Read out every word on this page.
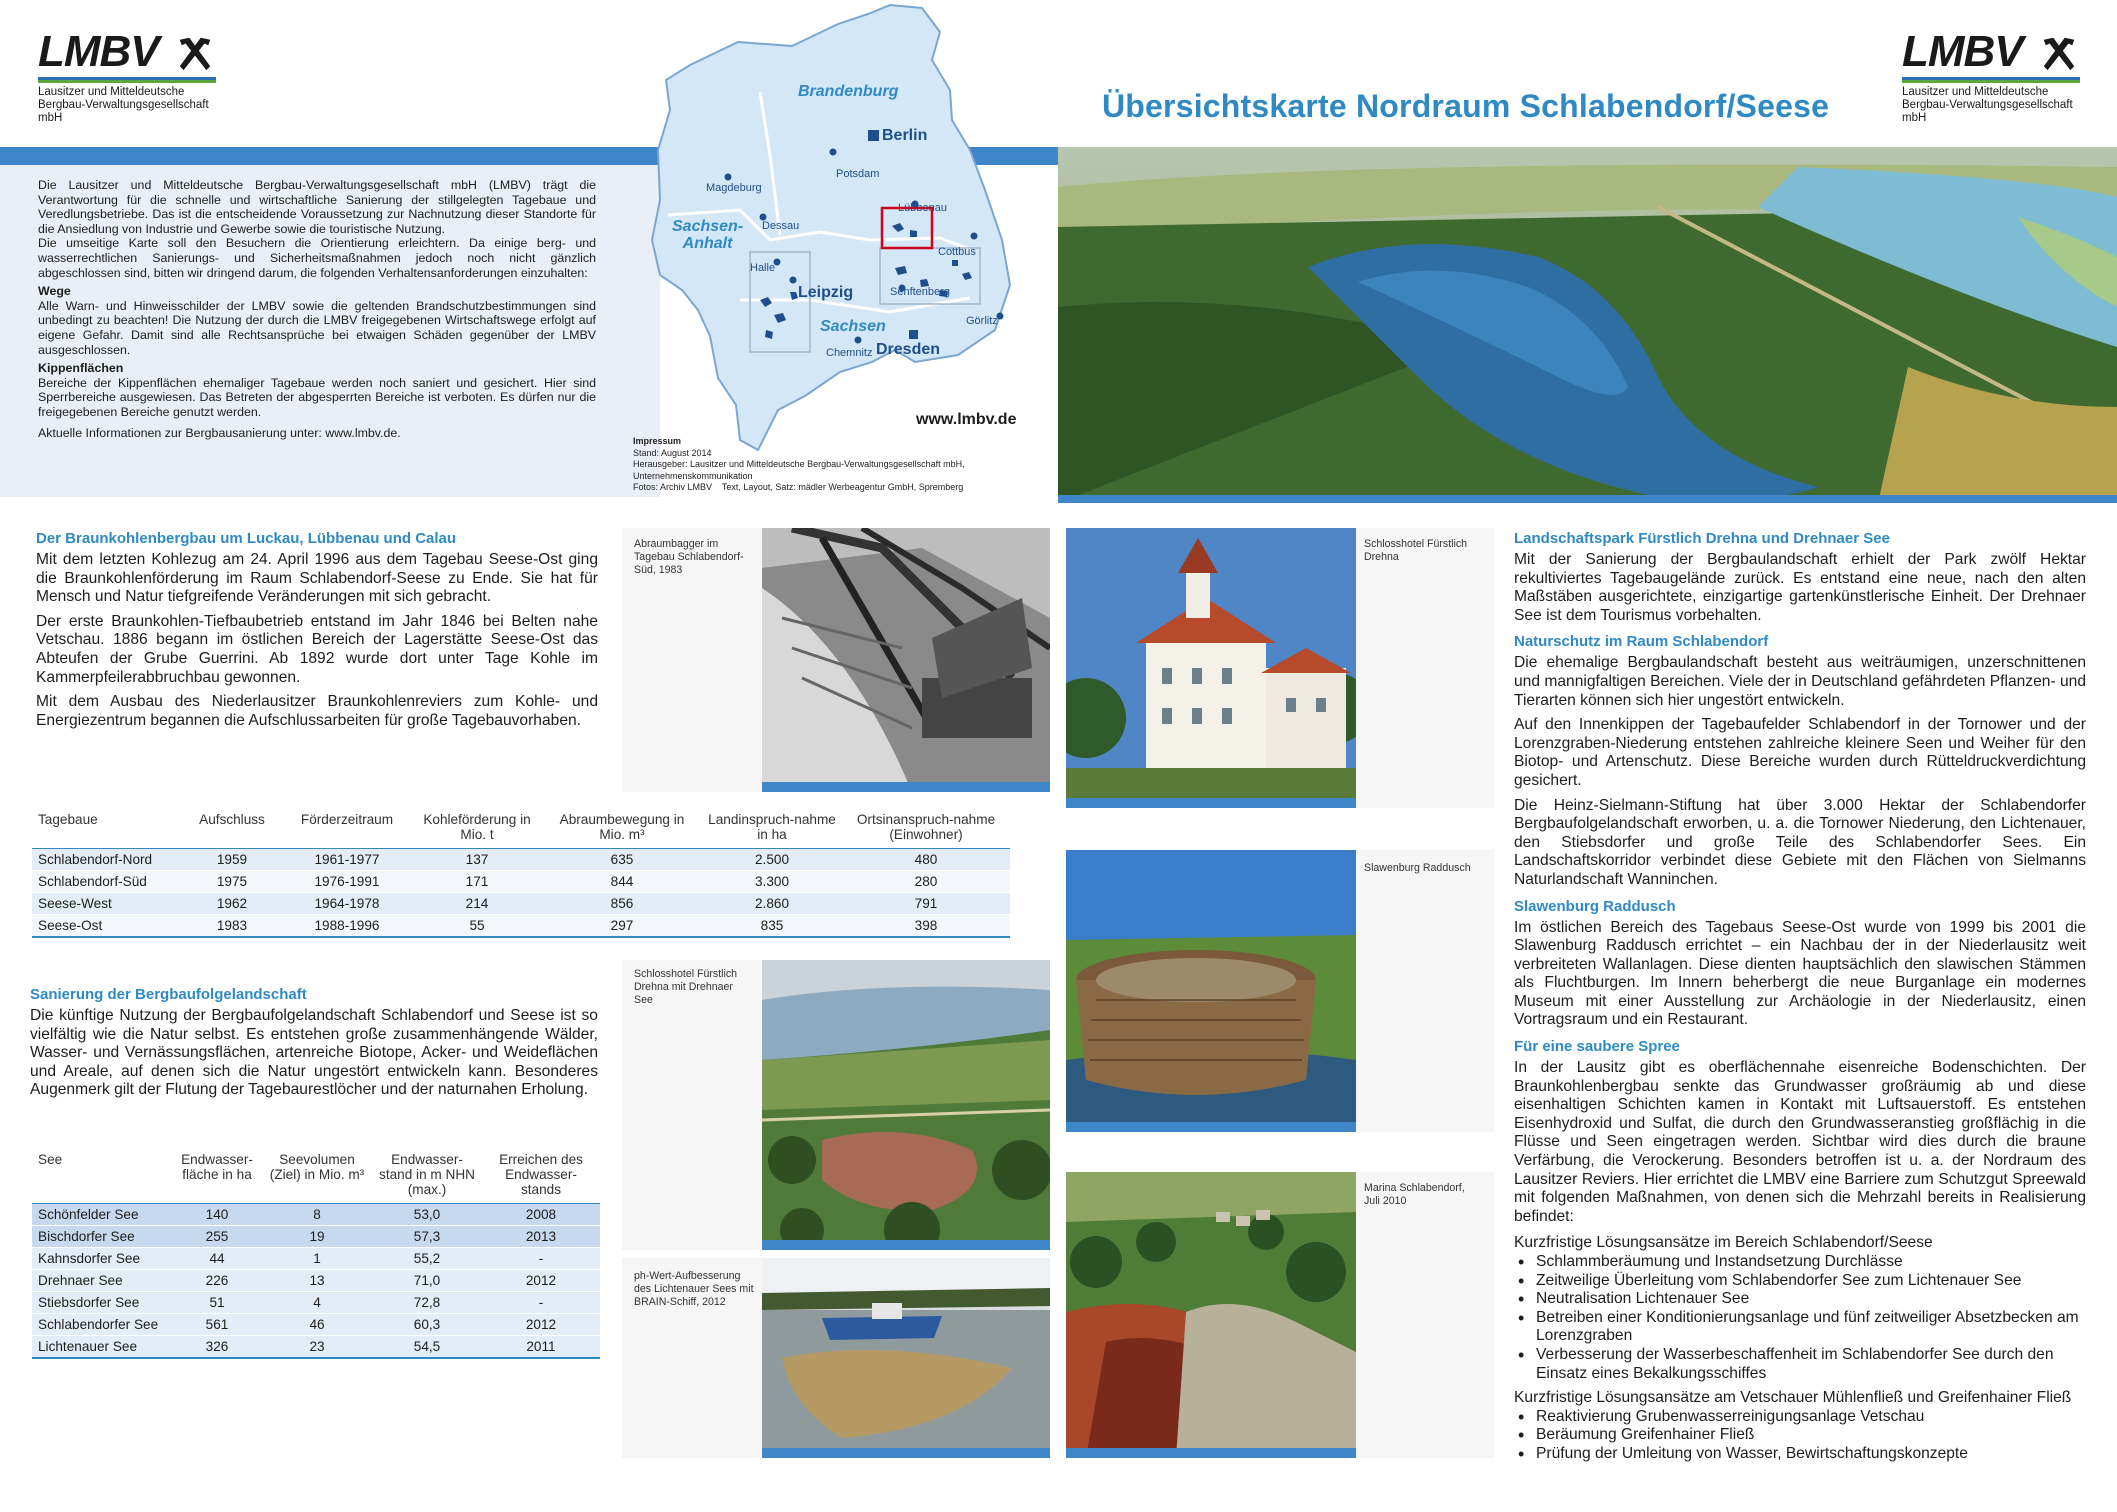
LMBV
Lausitzer und Mitteldeutsche
Bergbau-Verwaltungsgesellschaft mbH
LMBV
Lausitzer und Mitteldeutsche
Bergbau-Verwaltungsgesellschaft mbH
Übersichtskarte Nordraum Schlabendorf/Seese
Die Lausitzer und Mitteldeutsche Bergbau-Verwaltungsgesellschaft mbH (LMBV) trägt die Verantwortung für die schnelle und wirtschaftliche Sanierung der stillgelegten Tagebaue und Veredlungsbetriebe. Das ist die entscheidende Voraussetzung zur Nachnutzung dieser Standorte für die Ansiedlung von Industrie und Gewerbe sowie die touristische Nutzung.
Die umseitige Karte soll den Besuchern die Orientierung erleichtern. Da einige berg- und wasserrechtlichen Sanierungs- und Sicherheitsmaßnahmen jedoch noch nicht gänzlich abgeschlossen sind, bitten wir dringend darum, die folgenden Verhaltensanforderungen einzuhalten:
Wege
Alle Warn- und Hinweisschilder der LMBV sowie die geltenden Brandschutzbestimmungen sind unbedingt zu beachten! Die Nutzung der durch die LMBV freigegebenen Wirtschaftswege erfolgt auf eigene Gefahr. Damit sind alle Rechtsansprüche bei etwaigen Schäden gegenüber der LMBV ausgeschlossen.
Kippenflächen
Bereiche der Kippenflächen ehemaliger Tagebaue werden noch saniert und gesichert. Hier sind Sperrbereiche ausgewiesen. Das Betreten der abgesperrten Bereiche ist verboten. Es dürfen nur die freigegebenen Bereiche genutzt werden.
Aktuelle Informationen zur Bergbausanierung unter: www.lmbv.de.
Brandenburg
Berlin
Potsdam
Magdeburg
Sachsen-
Anhalt
Dessau
Lübbenau
Cottbus
Halle
Leipzig	Senftenberg
Sachsen
Dresden
Chemnitz
Görlitz
www.lmbv.de
Impressum
Stand: August 2014
Herausgeber: Lausitzer und Mitteldeutsche Bergbau-Verwaltungsgesellschaft mbH,
Unternehmenskommunikation
Fotos: Archiv LMBV    Text, Layout, Satz: mädler Werbeagentur GmbH, Spremberg
Der Braunkohlenbergbau um Luckau, Lübbenau und Calau
Mit dem letzten Kohlezug am 24. April 1996 aus dem Tagebau Seese-Ost ging die Braunkohlenförderung im Raum Schlabendorf-Seese zu Ende. Sie hat für Mensch und Natur tiefgreifende Veränderungen mit sich gebracht.
Der erste Braunkohlen-Tiefbaubetrieb entstand im Jahr 1846 bei Belten nahe Vetschau. 1886 begann im östlichen Bereich der Lagerstätte Seese-Ost das Abteufen der Grube Guerrini. Ab 1892 wurde dort unter Tage Kohle im Kammerpfeilerabbruchbau gewonnen.
Mit dem Ausbau des Niederlausitzer Braunkohlenreviers zum Kohle- und Energiezentrum begannen die Aufschlussarbeiten für große Tagebauvorhaben.
Abraumbagger im Tagebau Schlabendorf-Süd, 1983
Tagebaue	Aufschluss	Förderzeitraum	Kohleförderung in Mio. t	Abraumbewegung in Mio. m³	Landinspruch-nahme in ha	Ortsinanspruch-nahme (Einwohner)
Schlabendorf-Nord	1959	1961-1977	137	635	2.500	480
Schlabendorf-Süd	1975	1976-1991	171	844	3.300	280
Seese-West	1962	1964-1978	214	856	2.860	791
Seese-Ost	1983	1988-1996	55	297	835	398
Sanierung der Bergbaufolgelandschaft
Die künftige Nutzung der Bergbaufolgelandschaft Schlabendorf und Seese ist so vielfältig wie die Natur selbst. Es entstehen große zusammenhängende Wälder, Wasser- und Vernässungsflächen, artenreiche Biotope, Acker- und Weideflächen und Areale, auf denen sich die Natur ungestört entwickeln kann. Besonderes Augenmerk gilt der Flutung der Tagebaurestlöcher und der naturnahen Erholung.
See	Endwasser-fläche in ha	Seevolumen (Ziel) in Mio. m³	Endwasser-stand in m NHN (max.)	Erreichen des Endwasser-stands
Schönfelder See	140	8	53,0	2008
Bischdorfer See	255	19	57,3	2013
Kahnsdorfer See	44	1	55,2	-
Drehnaer See	226	13	71,0	2012
Stiebsdorfer See	51	4	72,8	-
Schlabendorfer See	561	46	60,3	2012
Lichtenauer See	326	23	54,5	2011
Schlosshotel Fürstlich Drehna mit Drehnaer See
ph-Wert-Aufbesserung des Lichtenauer Sees mit BRAIN-Schiff, 2012
Schlosshotel Fürstlich Drehna
Slawenburg Raddusch
Marina Schlabendorf, Juli 2010
Landschaftspark Fürstlich Drehna und Drehnaer See
Mit der Sanierung der Bergbaulandschaft erhielt der Park zwölf Hektar rekultiviertes Tagebaugelände zurück. Es entstand eine neue, nach den alten Maßstäben ausgerichtete, einzigartige gartenkünstlerische Einheit. Der Drehnaer See ist dem Tourismus vorbehalten.
Naturschutz im Raum Schlabendorf
Die ehemalige Bergbaulandschaft besteht aus weiträumigen, unzerschnittenen und mannigfaltigen Bereichen. Viele der in Deutschland gefährdeten Pflanzen- und Tierarten können sich hier ungestört entwickeln.
Auf den Innenkippen der Tagebaufelder Schlabendorf in der Tornower und der Lorenzgraben-Niederung entstehen zahlreiche kleinere Seen und Weiher für den Biotop- und Artenschutz. Diese Bereiche wurden durch Rütteldruckverdichtung gesichert.
Die Heinz-Sielmann-Stiftung hat über 3.000 Hektar der Schlabendorfer Bergbaufolgelandschaft erworben, u. a. die Tornower Niederung, den Lichtenauer, den Stiebsdorfer und große Teile des Schlabendorfer Sees. Ein Landschaftskorridor verbindet diese Gebiete mit den Flächen von Sielmanns Naturlandschaft Wanninchen.
Slawenburg Raddusch
Im östlichen Bereich des Tagebaus Seese-Ost wurde von 1999 bis 2001 die Slawenburg Raddusch errichtet – ein Nachbau der in der Niederlausitz weit verbreiteten Wallanlagen. Diese dienten hauptsächlich den slawischen Stämmen als Fluchtburgen. Im Innern beherbergt die neue Burganlage ein modernes Museum mit einer Ausstellung zur Archäologie in der Niederlausitz, einen Vortragsraum und ein Restaurant.
Für eine saubere Spree
In der Lausitz gibt es oberflächennahe eisenreiche Bodenschichten. Der Braunkohlenbergbau senkte das Grundwasser großräumig ab und diese eisenhaltigen Schichten kamen in Kontakt mit Luftsauerstoff. Es entstehen Eisenhydroxid und Sulfat, die durch den Grundwasseranstieg großflächig in die Flüsse und Seen eingetragen werden. Sichtbar wird dies durch die braune Verfärbung, die Verockerung. Besonders betroffen ist u. a. der Nordraum des Lausitzer Reviers. Hier errichtet die LMBV eine Barriere zum Schutzgut Spreewald mit folgenden Maßnahmen, von denen sich die Mehrzahl bereits in Realisierung befindet:
Kurzfristige Lösungsansätze im Bereich Schlabendorf/Seese
• Schlammberäumung und Instandsetzung Durchlässe
• Zeitweilige Überleitung vom Schlabendorfer See zum Lichtenauer See
• Neutralisation Lichtenauer See
• Betreiben einer Konditionierungsanlage und fünf zeitweiliger Absetzbecken am Lorenzgraben
• Verbesserung der Wasserbeschaffenheit im Schlabendorfer See durch den Einsatz eines Bekalkungsschiffes
Kurzfristige Lösungsansätze am Vetschauer Mühlenfließ und Greifenhainer Fließ
• Reaktivierung Grubenwasserreinigungsanlage Vetschau
• Beräumung Greifenhainer Fließ
• Prüfung der Umleitung von Wasser, Bewirtschaftungskonzepte
